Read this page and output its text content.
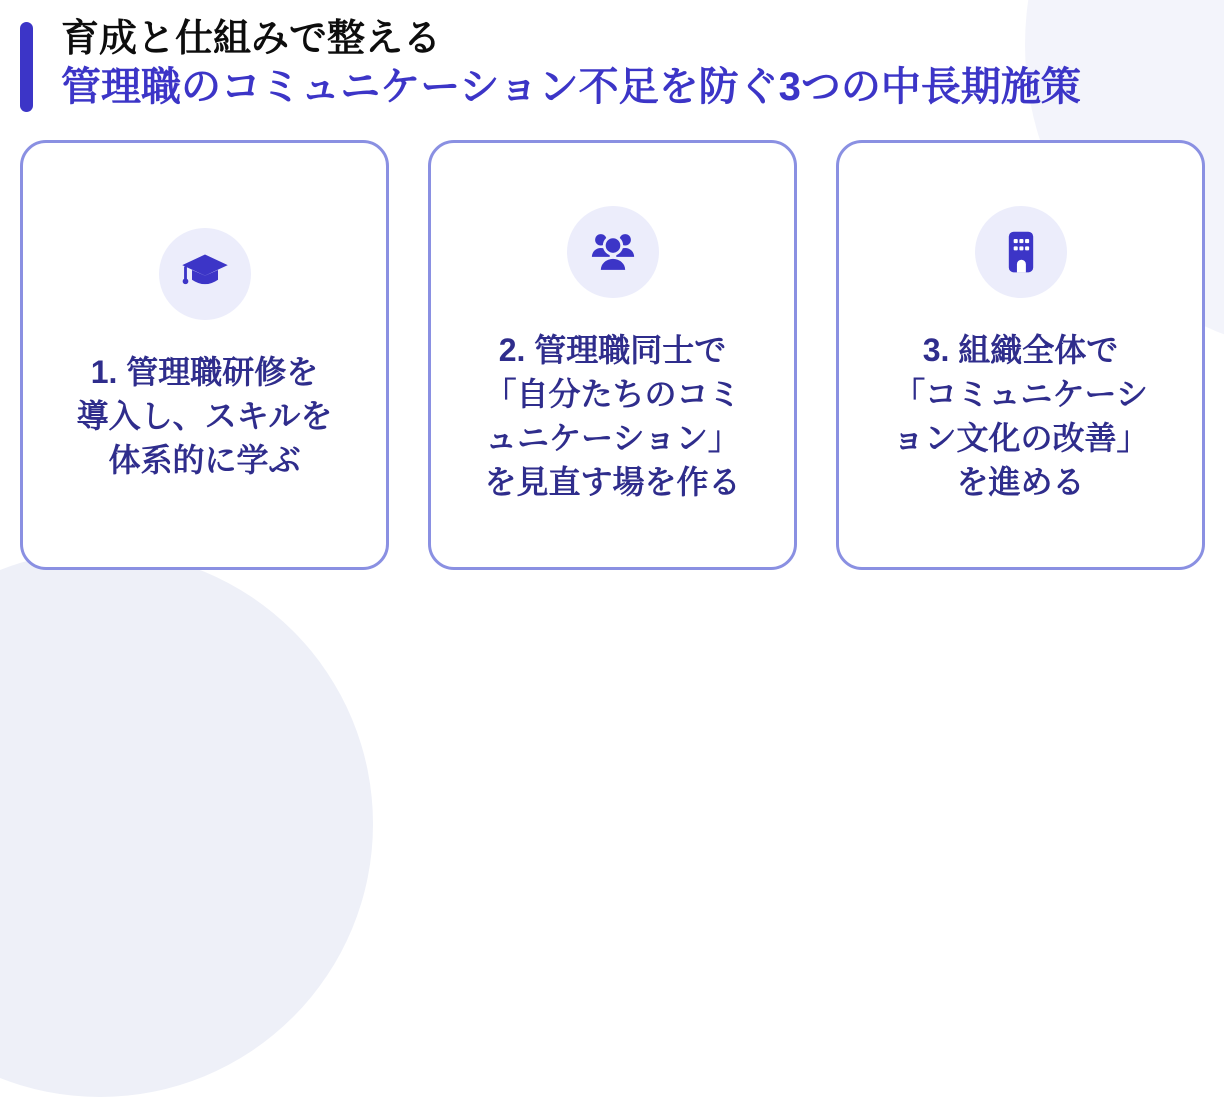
育成と仕組みで整える
管理職のコミュニケーション不足を防ぐ3つの中長期施策
1. 管理職研修を
導入し、スキルを
体系的に学ぶ
2. 管理職同士で
「自分たちのコミ
ュニケーション」
を見直す場を作る
3. 組織全体で
「コミュニケーシ
ョン文化の改善」
を進める
